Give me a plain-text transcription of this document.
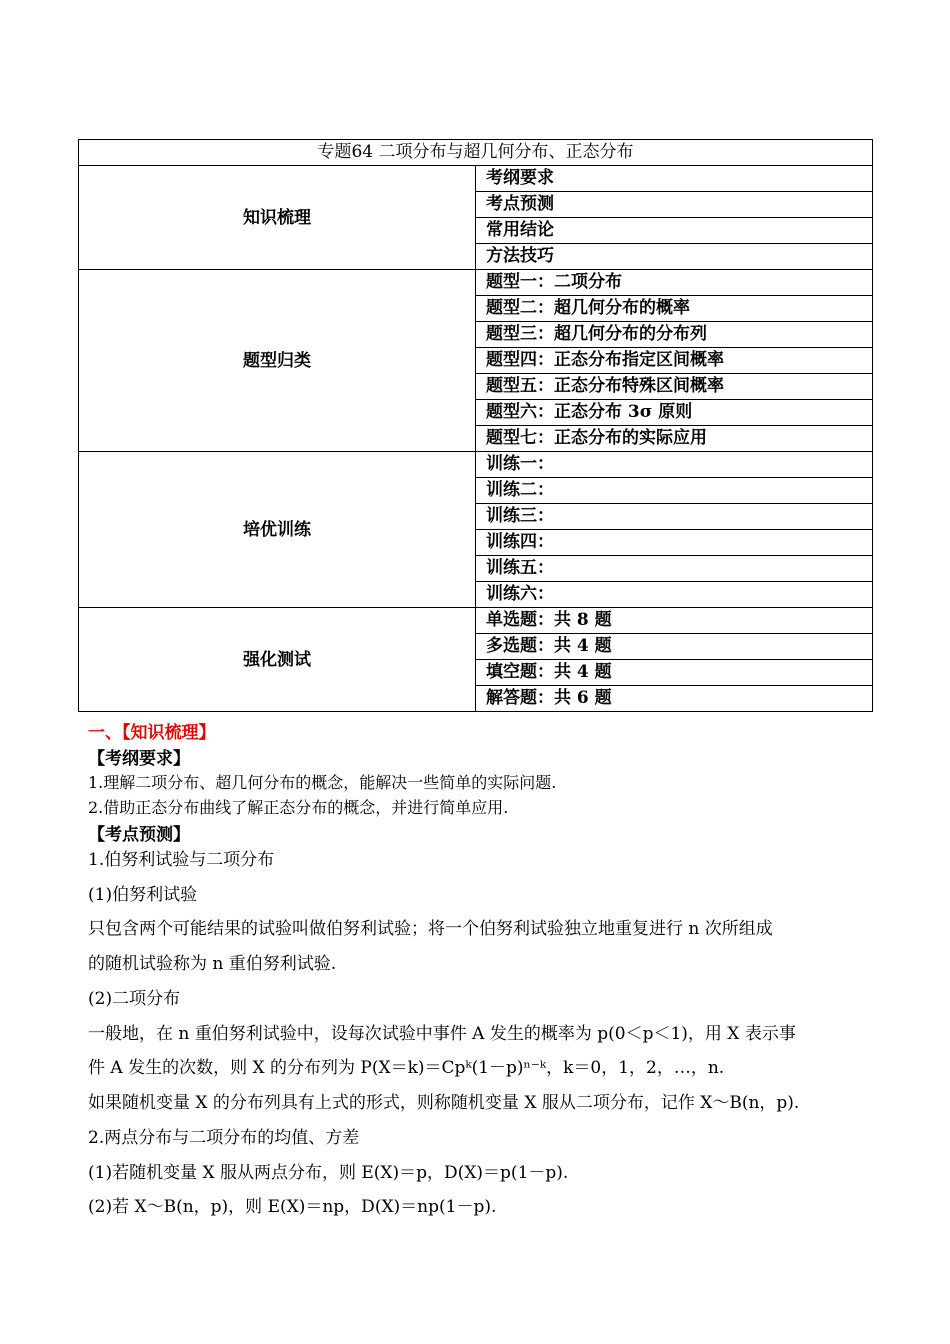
专题64 二项分布与超几何分布、正态分布	
知识梳理	考纲要求
	考点预测
	常用结论
	方法技巧
题型归类	题型一：二项分布
	题型二：超几何分布的概率
	题型三：超几何分布的分布列
	题型四：正态分布指定区间概率
	题型五：正态分布特殊区间概率
	题型六：正态分布 3σ 原则
	题型七：正态分布的实际应用
培优训练	训练一：
	训练二：
	训练三：
	训练四：
	训练五：
	训练六：
强化测试	单选题：共 8 题
	多选题：共 4 题
	填空题：共 4 题
	解答题：共 6 题
一、【知识梳理】
【考纲要求】
1.理解二项分布、超几何分布的概念，能解决一些简单的实际问题.
2.借助正态分布曲线了解正态分布的概念，并进行简单应用.
【考点预测】
1.伯努利试验与二项分布
(1)伯努利试验
只包含两个可能结果的试验叫做伯努利试验；将一个伯努利试验独立地重复进行 n 次所组成
的随机试验称为 n 重伯努利试验.
(2)二项分布
一般地，在 n 重伯努利试验中，设每次试验中事件 A 发生的概率为 p(0＜p＜1)，用 X 表示事
件 A 发生的次数，则 X 的分布列为 P(X＝k)＝Cpᵏ(1－p)ⁿ⁻ᵏ，k＝0，1，2，…，n.
如果随机变量 X 的分布列具有上式的形式，则称随机变量 X 服从二项分布，记作 X～B(n，p).
2.两点分布与二项分布的均值、方差
(1)若随机变量 X 服从两点分布，则 E(X)＝p，D(X)＝p(1－p).
(2)若 X～B(n，p)，则 E(X)＝np，D(X)＝np(1－p).
